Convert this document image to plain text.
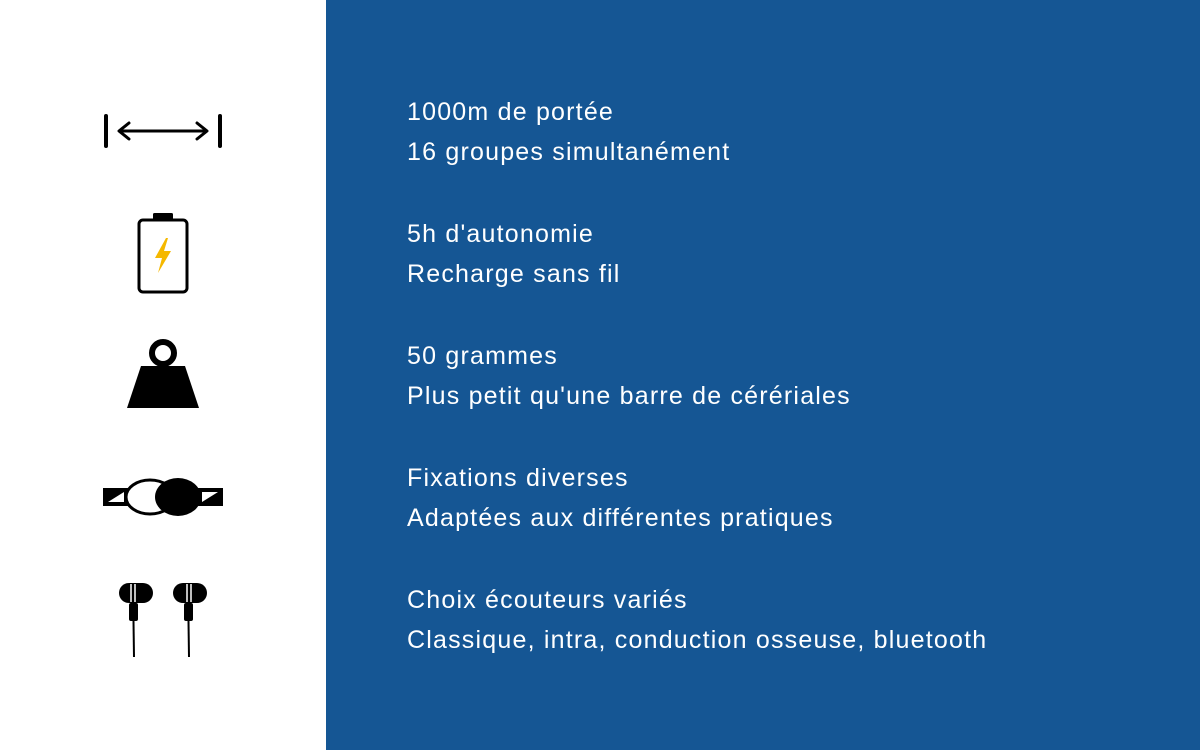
1000m de portée
16 groupes simultanément
5h d'autonomie
Recharge sans fil
50 grammes
Plus petit qu'une barre de cérériales
Fixations diverses
Adaptées aux différentes pratiques
Choix écouteurs variés
Classique, intra, conduction osseuse, bluetooth
